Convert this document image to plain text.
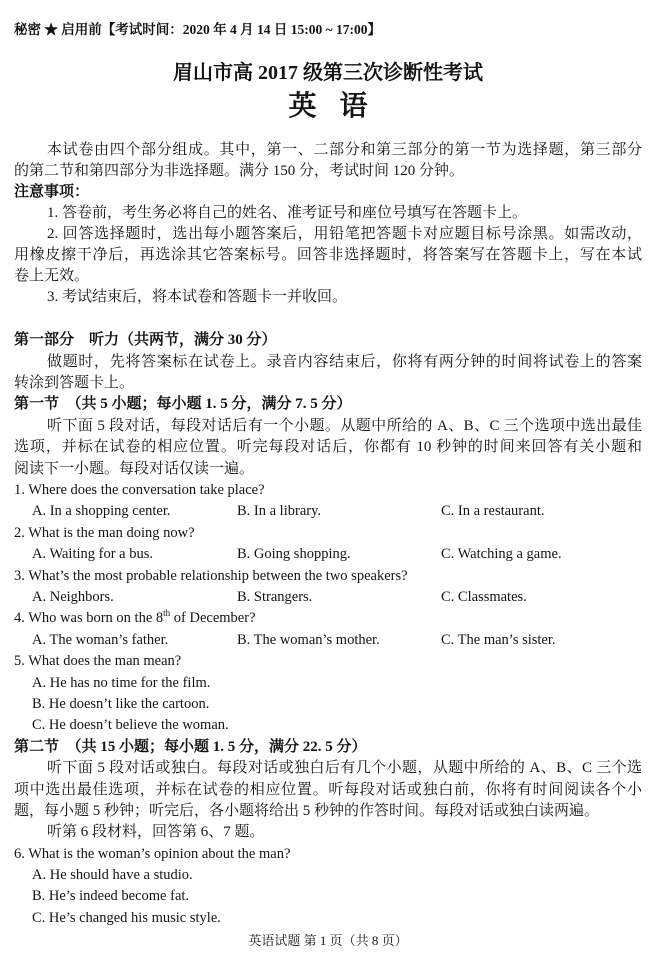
秘密 ★ 启用前【考试时间：2020 年 4 月 14 日 15:00 ~ 17:00】
眉山市高 2017 级第三次诊断性考试
英 语
本试卷由四个部分组成。其中，第一、二部分和第三部分的第一节为选择题，第三部分
的第二节和第四部分为非选择题。满分 150 分，考试时间 120 分钟。
注意事项：
1. 答卷前，考生务必将自己的姓名、准考证号和座位号填写在答题卡上。
2. 回答选择题时，选出每小题答案后，用铅笔把答题卡对应题目标号涂黑。如需改动，
用橡皮擦干净后，再选涂其它答案标号。回答非选择题时，将答案写在答题卡上，写在本试
卷上无效。
3. 考试结束后，将本试卷和答题卡一并收回。
第一部分　听力（共两节，满分 30 分）
做题时，先将答案标在试卷上。录音内容结束后，你将有两分钟的时间将试卷上的答案
转涂到答题卡上。
第一节　（共 5 小题；每小题 1. 5 分，满分 7. 5 分）
听下面 5 段对话，每段对话后有一个小题。从题中所给的 A、B、C 三个选项中选出最佳
选项，并标在试卷的相应位置。听完每段对话后，你都有 10 秒钟的时间来回答有关小题和
阅读下一小题。每段对话仅读一遍。
1. Where does the conversation take place?
A. In a shopping center.	B. In a library.	C. In a restaurant.
2. What is the man doing now?
A. Waiting for a bus.	B. Going shopping.	C. Watching a game.
3. What’s the most probable relationship between the two speakers?
A. Neighbors.	B. Strangers.	C. Classmates.
4. Who was born on the 8th of December?
A. The woman’s father.	B. The woman’s mother.	C. The man’s sister.
5. What does the man mean?
A. He has no time for the film.
B. He doesn’t like the cartoon.
C. He doesn’t believe the woman.
第二节　（共 15 小题；每小题 1. 5 分，满分 22. 5 分）
听下面 5 段对话或独白。每段对话或独白后有几个小题，从题中所给的 A、B、C 三个选
项中选出最佳选项，并标在试卷的相应位置。听每段对话或独白前，你将有时间阅读各个小
题，每小题 5 秒钟；听完后，各小题将给出 5 秒钟的作答时间。每段对话或独白读两遍。
听第 6 段材料，回答第 6、7 题。
6. What is the woman’s opinion about the man?
A. He should have a studio.
B. He’s indeed become fat.
C. He’s changed his music style.
英语试题 第 1 页（共 8 页）
